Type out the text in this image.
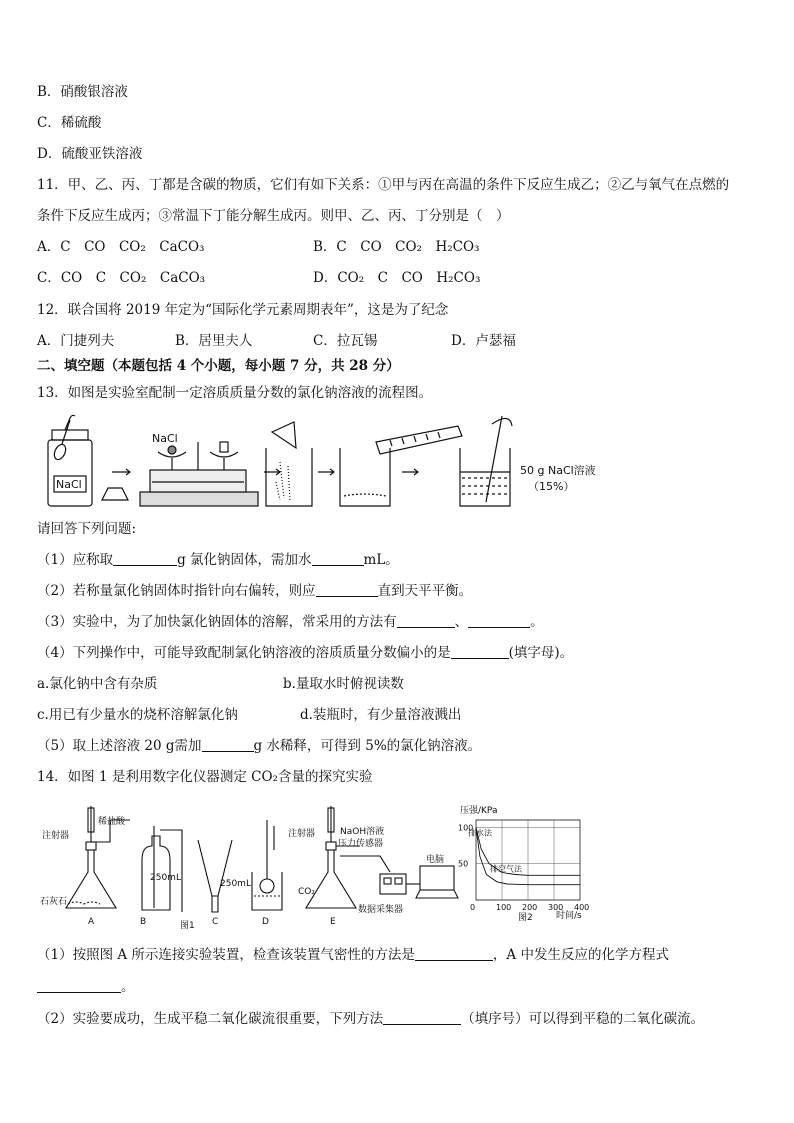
B．硝酸银溶液
C．稀硫酸
D．硫酸亚铁溶液
11．甲、乙、丙、丁都是含碳的物质，它们有如下关系：①甲与丙在高温的条件下反应生成乙；②乙与氧气在点燃的
条件下反应生成丙；③常温下丁能分解生成丙。则甲、乙、丙、丁分别是（　）
A．C　CO　CO₂　CaCO₃	B．C　CO　CO₂　H₂CO₃
C．CO　C　CO₂　CaCO₃	D．CO₂　C　CO　H₂CO₃
12．联合国将 2019 年定为“国际化学元素周期表年”，这是为了纪念
A．门捷列夫	B．居里夫人	C．拉瓦锡	D．卢瑟福
二、填空题（本题包括 4 个小题，每小题 7 分，共 28 分）
13．如图是实验室配制一定溶质质量分数的氯化钠溶液的流程图。
NaCl
NaCl
50 g NaCl溶液
（15%）
请回答下列问题:
（1）应称取	g 氯化钠固体，需加水	mL。
（2）若称量氯化钠固体时指针向右偏转，则应	直到天平平衡。
（3）实验中，为了加快氯化钠固体的溶解，常采用的方法有	、	。
（4）下列操作中，可能导致配制氯化钠溶液的溶质质量分数偏小的是	(填字母)。
a.氯化钠中含有杂质	b.量取水时俯视读数
c.用已有少量水的烧杯溶解氯化钠	d.装瓶时，有少量溶液溅出
（5）取上述溶液 20 g需加	g 水稀释，可得到 5%的氯化钠溶液。
14．如图 1 是利用数字化仪器测定 CO₂含量的探究实验
注射器
稀盐酸
石灰石
250mL
250mL
注射器	NaOH溶液
压力传感器
CO₂
电脑
数据采集器
A	B	C	D	E
图1
压强/KPa
0	100 200 300 400
50
100
排空气法
排水法
时间/s
图2
（1）按照图 A 所示连接实验装置，检查该装置气密性的方法是	，A 中发生反应的化学方程式
。
（2）实验要成功，生成平稳二氧化碳流很重要，下列方法	（填序号）可以得到平稳的二氧化碳流。
